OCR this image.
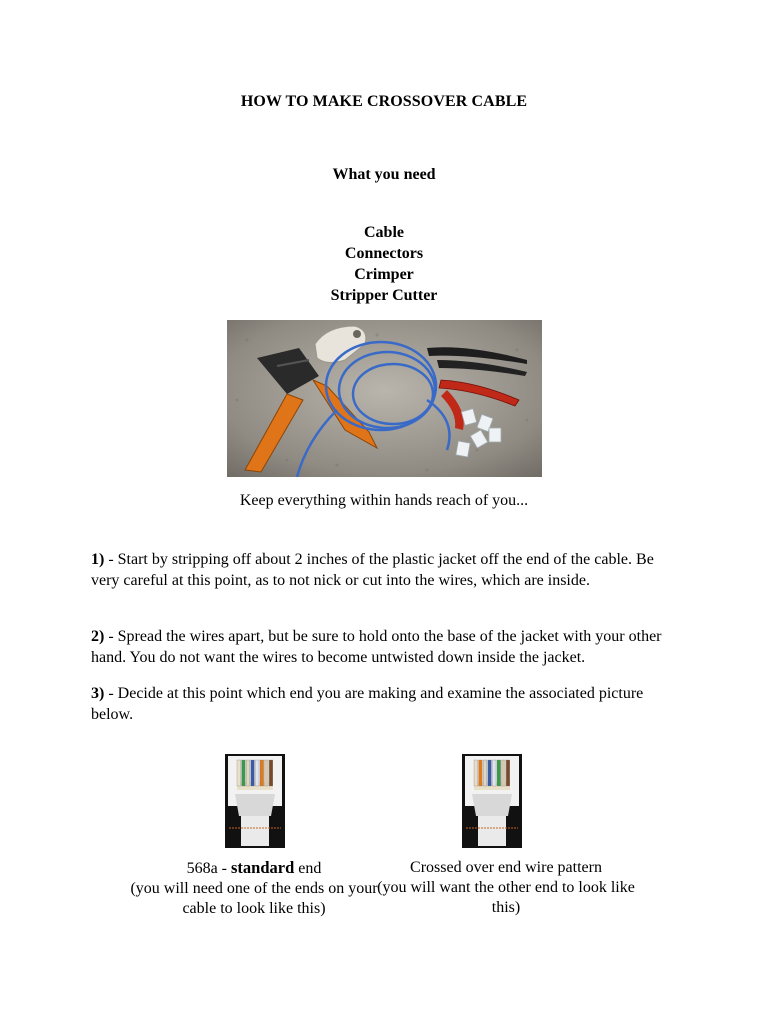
HOW TO MAKE CROSSOVER CABLE
What you need
Cable
Connectors
Crimper
Stripper Cutter
Keep everything within hands reach of you...
1) - Start by stripping off about 2 inches of the plastic jacket off the end of the cable. Be very careful at this point, as to not nick or cut into the wires, which are inside.
2) - Spread the wires apart, but be sure to hold onto the base of the jacket with your other hand. You do not want the wires to become untwisted down inside the jacket.
3) - Decide at this point which end you are making and examine the associated picture below.
568a - standard end
(you will need one of the ends on your cable to look like this)
Crossed over end wire pattern
(you will want the other end to look like this)
